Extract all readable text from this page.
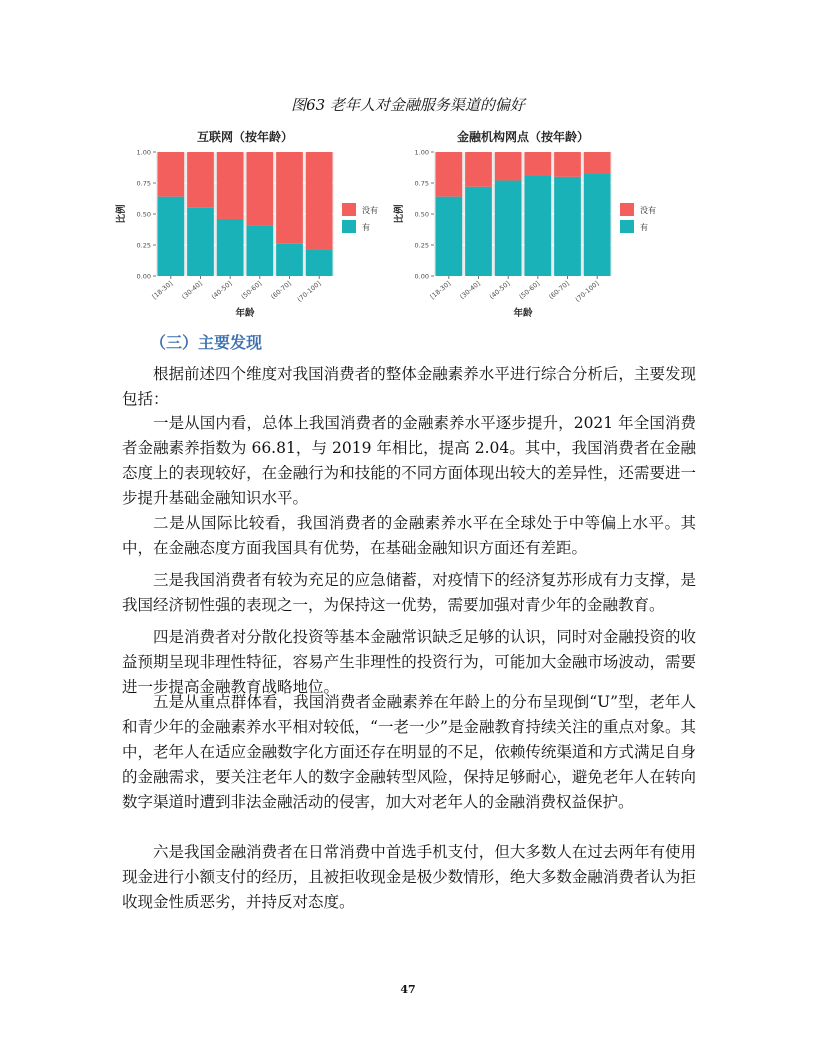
图63 老年人对金融服务渠道的偏好
互联网（按年龄）
0.00
0.25
0.50
0.75
1.00
[18-30] (30-40] (40-50] (50-60] (60-70] (70-100]
年龄
比例	没有
有
金融机构网点（按年龄）
0.00
0.25
0.50
0.75
1.00
[18-30] (30-40] (40-50] (50-60] (60-70] (70-100]
年龄
比例	没有
有
（三）主要发现

根据前述四个维度对我国消费者的整体金融素养水平进行综合分析后，主要发现包括：

一是从国内看，总体上我国消费者的金融素养水平逐步提升，2021 年全国消费者金融素养指数为 66.81，与 2019 年相比，提高 2.04。其中，我国消费者在金融态度上的表现较好，在金融行为和技能的不同方面体现出较大的差异性，还需要进一步提升基础金融知识水平。

二是从国际比较看，我国消费者的金融素养水平在全球处于中等偏上水平。其中，在金融态度方面我国具有优势，在基础金融知识方面还有差距。

三是我国消费者有较为充足的应急储蓄，对疫情下的经济复苏形成有力支撑，是我国经济韧性强的表现之一，为保持这一优势，需要加强对青少年的金融教育。

四是消费者对分散化投资等基本金融常识缺乏足够的认识，同时对金融投资的收益预期呈现非理性特征，容易产生非理性的投资行为，可能加大金融市场波动，需要进一步提高金融教育战略地位。

五是从重点群体看，我国消费者金融素养在年龄上的分布呈现倒“U”型，老年人和青少年的金融素养水平相对较低，“一老一少”是金融教育持续关注的重点对象。其中，老年人在适应金融数字化方面还存在明显的不足，依赖传统渠道和方式满足自身的金融需求，要关注老年人的数字金融转型风险，保持足够耐心，避免老年人在转向数字渠道时遭到非法金融活动的侵害，加大对老年人的金融消费权益保护。

六是我国金融消费者在日常消费中首选手机支付，但大多数人在过去两年有使用现金进行小额支付的经历，且被拒收现金是极少数情形，绝大多数金融消费者认为拒收现金性质恶劣，并持反对态度。

47
